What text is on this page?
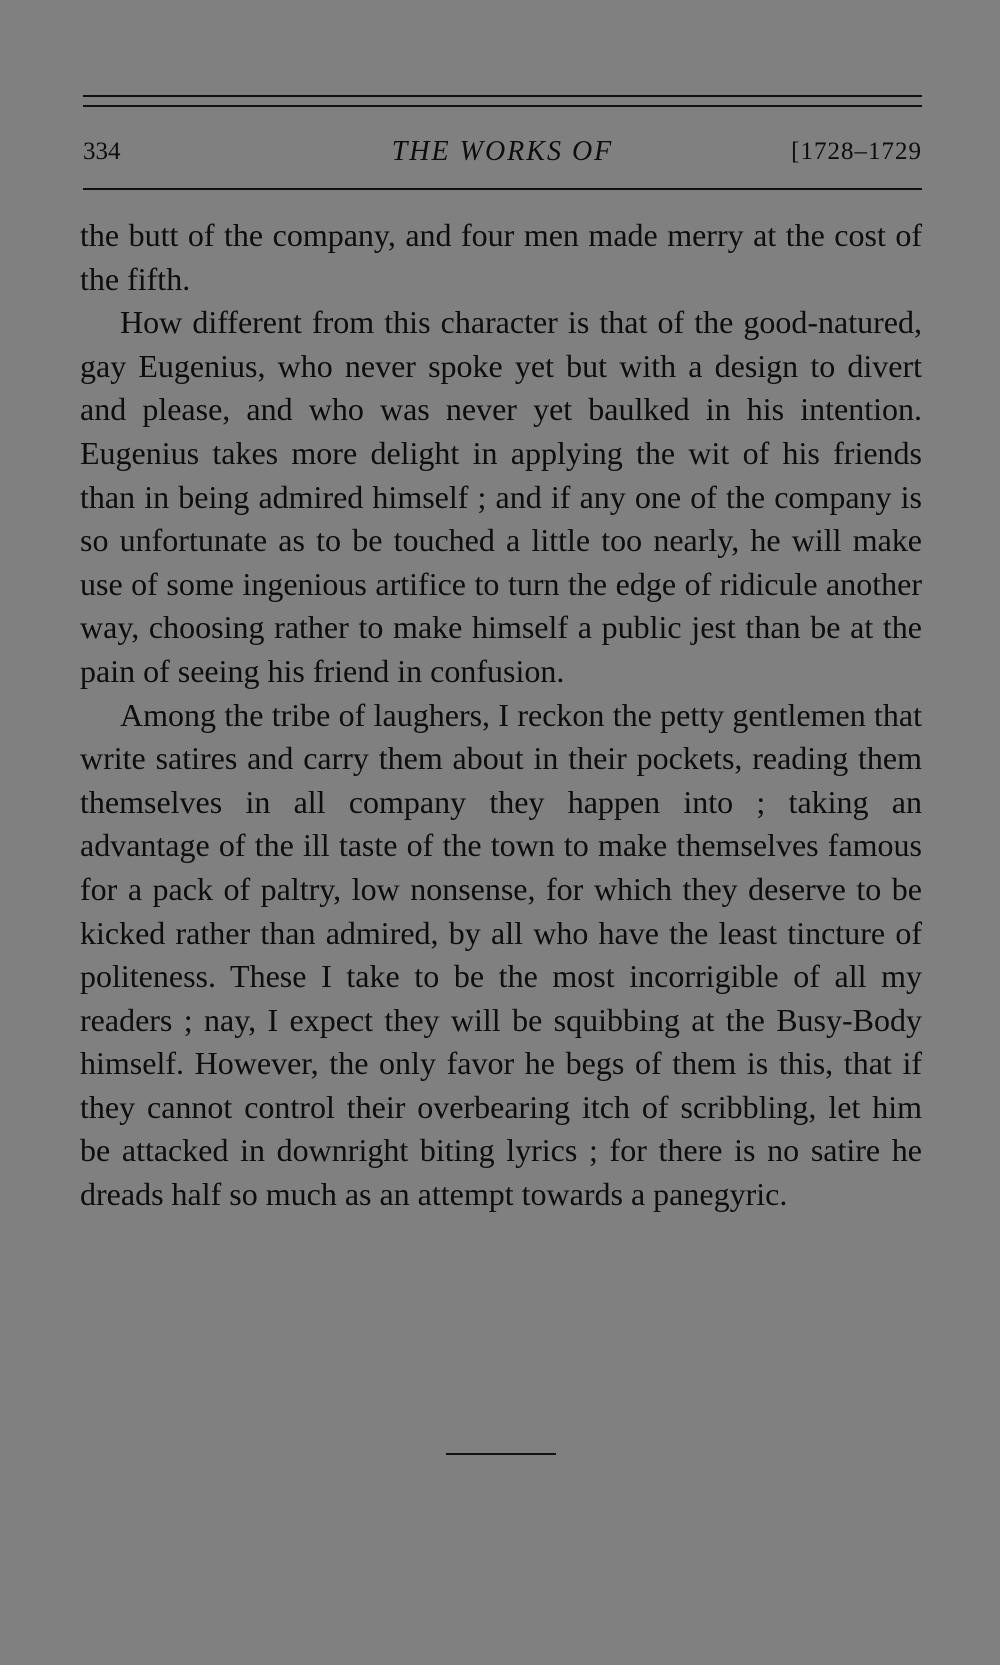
334	THE WORKS OF	[1728–1729

the butt of the company, and four men made merry at the cost of the fifth.

How different from this character is that of the good-natured, gay Eugenius, who never spoke yet but with a design to divert and please, and who was never yet baulked in his intention. Eugenius takes more delight in applying the wit of his friends than in being admired himself ; and if any one of the company is so unfortunate as to be touched a little too nearly, he will make use of some ingenious artifice to turn the edge of ridicule another way, choosing rather to make himself a public jest than be at the pain of seeing his friend in confusion.

Among the tribe of laughers, I reckon the petty gentlemen that write satires and carry them about in their pockets, reading them themselves in all company they happen into ; taking an advantage of the ill taste of the town to make themselves famous for a pack of paltry, low nonsense, for which they deserve to be kicked rather than admired, by all who have the least tincture of politeness. These I take to be the most incorrigible of all my readers ; nay, I expect they will be squibbing at the Busy-Body himself. However, the only favor he begs of them is this, that if they cannot control their overbearing itch of scribbling, let him be attacked in downright biting lyrics ; for there is no satire he dreads half so much as an attempt towards a panegyric.
